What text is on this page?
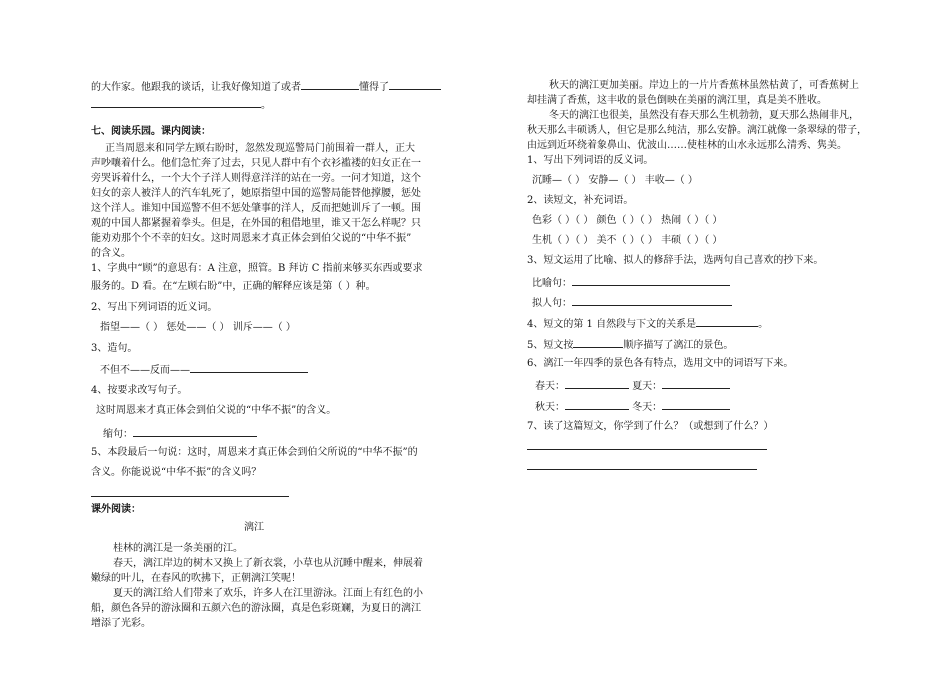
的大作家。他跟我的谈话，让我好像知道了或者	懂得了
。
七、阅读乐园。课内阅读：
正当周恩来和同学左顾右盼时，忽然发现巡警局门前围着一群人，正大
声吵嚷着什么。他们急忙奔了过去，只见人群中有个衣衫褴褛的妇女正在一
旁哭诉着什么，一个大个子洋人则得意洋洋的站在一旁。一问才知道，这个
妇女的亲人被洋人的汽车轧死了，她原指望中国的巡警局能替他撑腰，惩处
这个洋人。谁知中国巡警不但不惩处肇事的洋人，反而把她训斥了一顿。围
观的中国人都紧握着拳头。但是，在外国的租借地里，谁又干怎么样呢？只
能劝劝那个个不幸的妇女。这时周恩来才真正体会到伯父说的“中华不振”
的含义。
1、字典中“顾”的意思有：A 注意，照管。B 拜访 C 指前来够买东西或要求
服务的。D 看。在“左顾右盼”中，正确的解释应该是第（ ）种。
2、写出下列词语的近义词。
指望——（ ） 惩处——（ ） 训斥——（ ）
3、造句。
不但不——反而——
4、按要求改写句子。
这时周恩来才真正体会到伯父说的“中华不振”的含义。
缩句：
5、本段最后一句说：这时，周恩来才真正体会到伯父所说的“中华不振”的
含义。你能说说“中华不振”的含义吗？
课外阅读：
漓江
桂林的漓江是一条美丽的江。
春天，漓江岸边的树木又换上了新衣裳，小草也从沉睡中醒来，伸展着
嫩绿的叶儿，在春风的吹拂下，正朝漓江笑呢！
夏天的漓江给人们带来了欢乐，许多人在江里游泳。江面上有红色的小
船，颜色各异的游泳圈和五颜六色的游泳圈，真是色彩斑斓，为夏日的漓江
增添了光彩。
秋天的漓江更加美丽。岸边上的一片片香蕉林虽然枯黄了，可香蕉树上
却挂满了香蕉，这丰收的景色倒映在美丽的漓江里，真是美不胜收。
冬天的漓江也很美，虽然没有春天那么生机勃勃，夏天那么热闹非凡，
秋天那么丰硕诱人，但它是那么纯洁，那么安静。漓江就像一条翠绿的带子，
由远到近环绕着象鼻山、优波山……使桂林的山水永远那么清秀、隽美。
1、写出下列词语的反义词。
沉睡—（ ） 安静—（ ） 丰收—（ ）
2、读短文，补充词语。
色彩（ ）（ ） 颜色（ ）（ ） 热闹（ ）（ ）
生机（ ）（ ） 美不（ ）（ ） 丰硕（ ）（ ）
3、短文运用了比喻、拟人的修辞手法，选两句自己喜欢的抄下来。
比喻句：
拟人句：
4、短文的第 1 自然段与下文的关系是	。
5、短文按	顺序描写了漓江的景色。
6、漓江一年四季的景色各有特点，选用文中的词语写下来。
春天：	夏天：
秋天：	冬天：
7、读了这篇短文，你学到了什么？（或想到了什么？）
